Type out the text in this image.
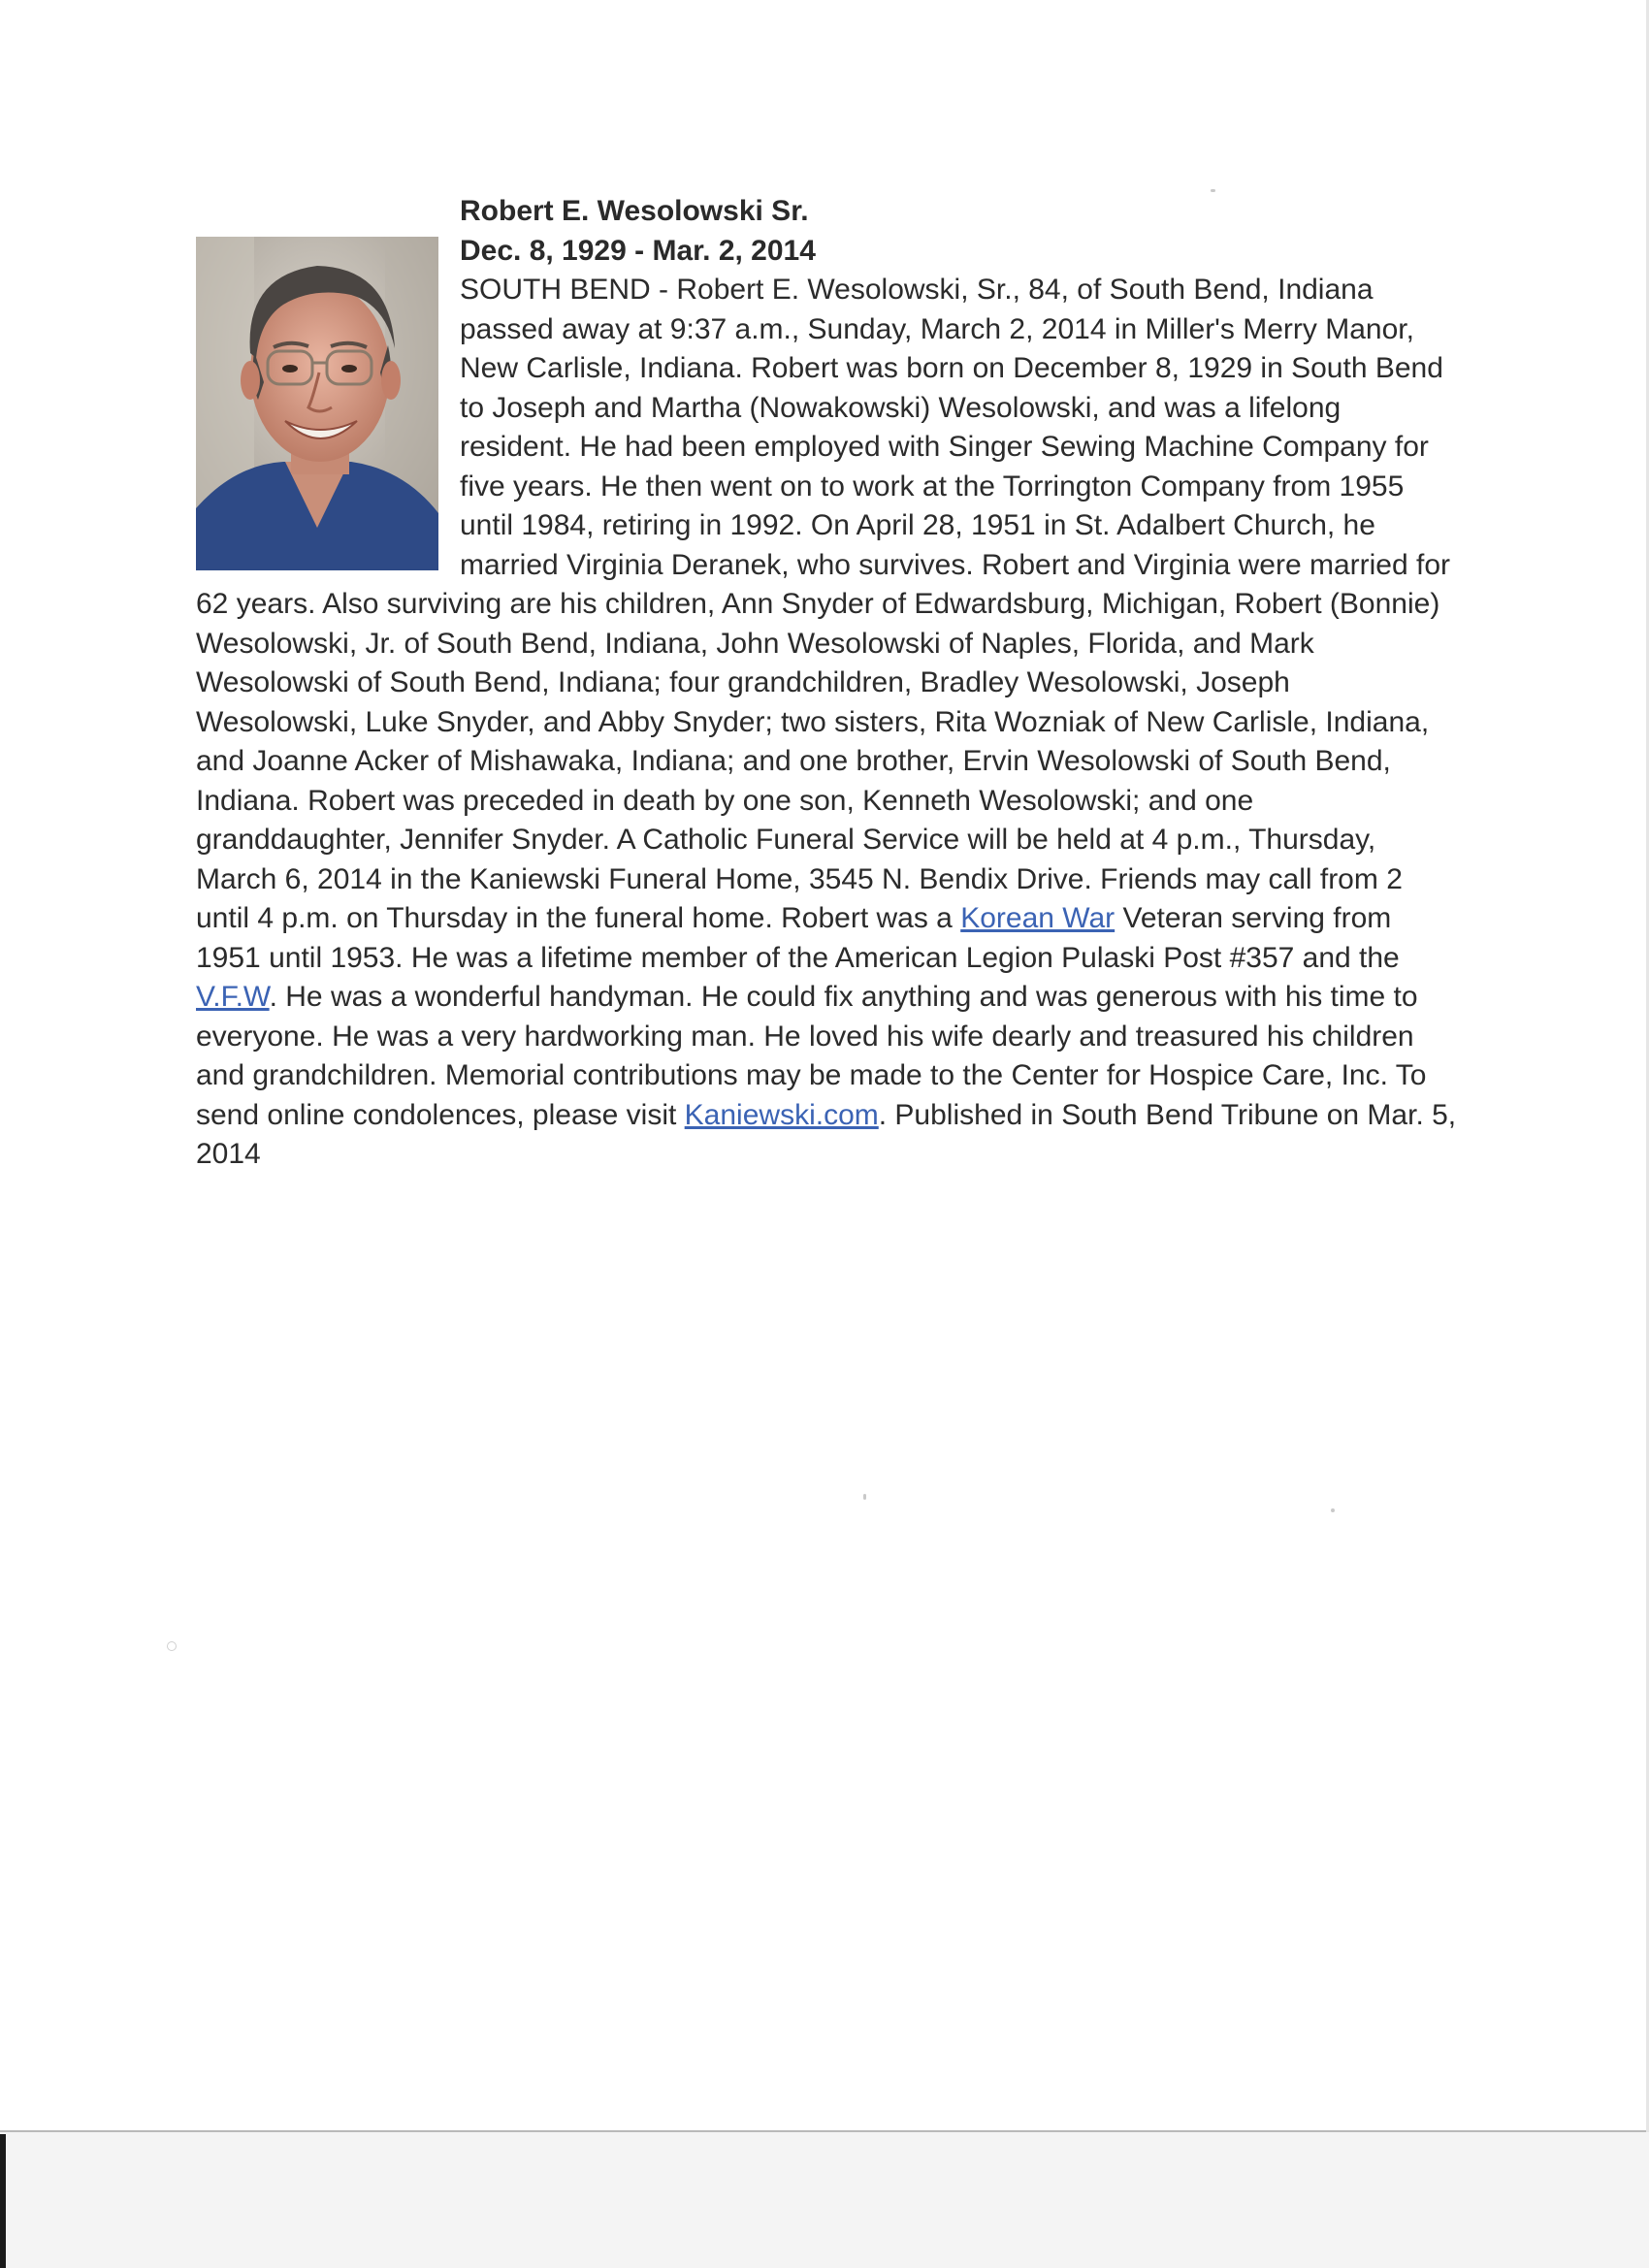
Robert E. Wesolowski Sr.
Dec. 8, 1929 - Mar. 2, 2014
SOUTH BEND - Robert E. Wesolowski, Sr., 84, of South Bend, Indiana passed away at 9:37 a.m., Sunday, March 2, 2014 in Miller's Merry Manor, New Carlisle, Indiana. Robert was born on December 8, 1929 in South Bend to Joseph and Martha (Nowakowski) Wesolowski, and was a lifelong resident. He had been employed with Singer Sewing Machine Company for five years. He then went on to work at the Torrington Company from 1955 until 1984, retiring in 1992. On April 28, 1951 in St. Adalbert Church, he married Virginia Deranek, who survives. Robert and Virginia were married for 62 years. Also surviving are his children, Ann Snyder of Edwardsburg, Michigan, Robert (Bonnie) Wesolowski, Jr. of South Bend, Indiana, John Wesolowski of Naples, Florida, and Mark Wesolowski of South Bend, Indiana; four grandchildren, Bradley Wesolowski, Joseph Wesolowski, Luke Snyder, and Abby Snyder; two sisters, Rita Wozniak of New Carlisle, Indiana, and Joanne Acker of Mishawaka, Indiana; and one brother, Ervin Wesolowski of South Bend, Indiana. Robert was preceded in death by one son, Kenneth Wesolowski; and one granddaughter, Jennifer Snyder. A Catholic Funeral Service will be held at 4 p.m., Thursday, March 6, 2014 in the Kaniewski Funeral Home, 3545 N. Bendix Drive. Friends may call from 2 until 4 p.m. on Thursday in the funeral home. Robert was a Korean War Veteran serving from 1951 until 1953. He was a lifetime member of the American Legion Pulaski Post #357 and the V.F.W. He was a wonderful handyman. He could fix anything and was generous with his time to everyone. He was a very hardworking man. He loved his wife dearly and treasured his children and grandchildren. Memorial contributions may be made to the Center for Hospice Care, Inc. To send online condolences, please visit Kaniewski.com. Published in South Bend Tribune on Mar. 5, 2014
